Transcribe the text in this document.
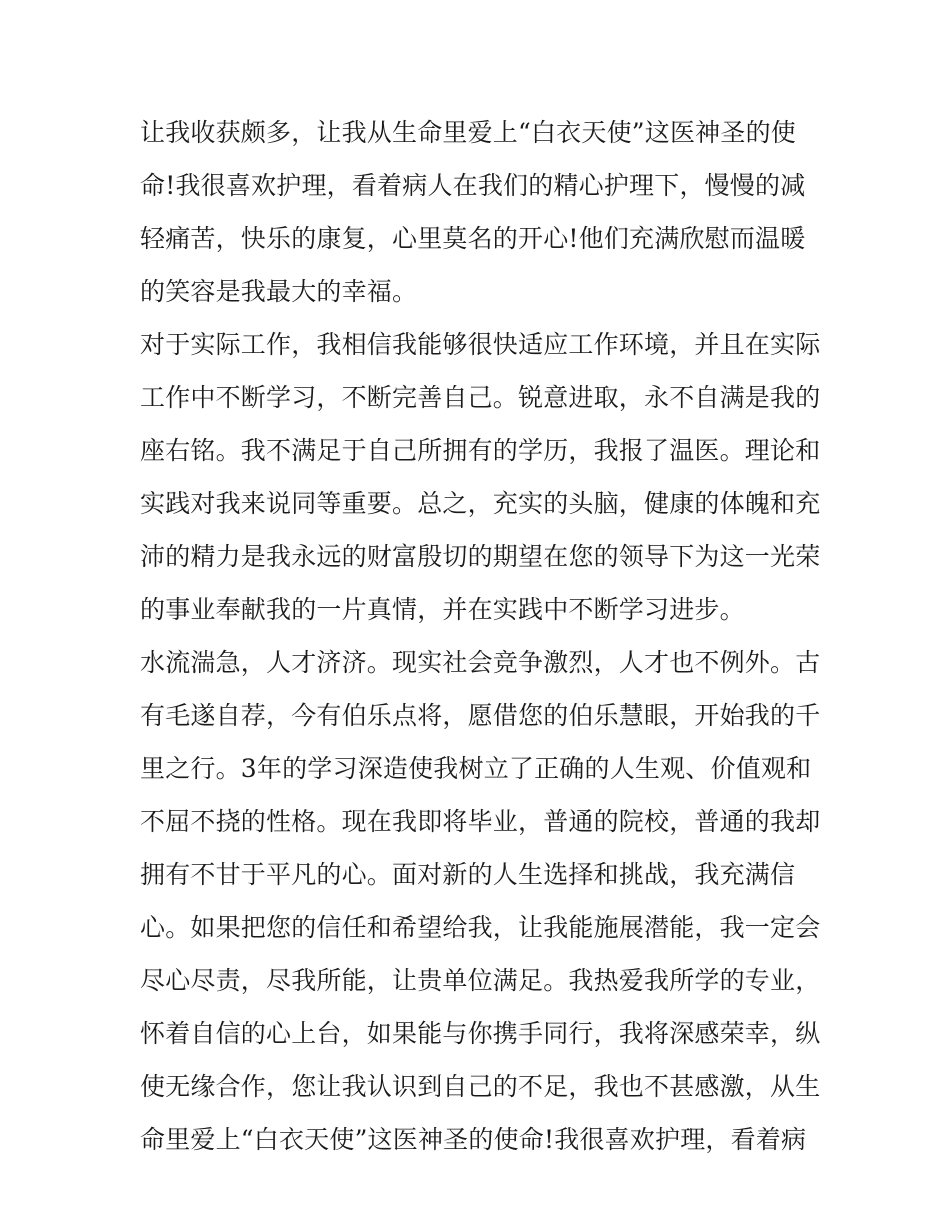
让我收获颇多，让我从生命里爱上“白衣天使”这医神圣的使
命!我很喜欢护理，看着病人在我们的精心护理下，慢慢的减
轻痛苦，快乐的康复，心里莫名的开心!他们充满欣慰而温暖
的笑容是我最大的幸福。
对于实际工作，我相信我能够很快适应工作环境，并且在实际
工作中不断学习，不断完善自己。锐意进取，永不自满是我的
座右铭。我不满足于自己所拥有的学历，我报了温医。理论和
实践对我来说同等重要。总之，充实的头脑，健康的体魄和充
沛的精力是我永远的财富殷切的期望在您的领导下为这一光荣
的事业奉献我的一片真情，并在实践中不断学习进步。
水流湍急，人才济济。现实社会竞争激烈，人才也不例外。古
有毛遂自荐，今有伯乐点将，愿借您的伯乐慧眼，开始我的千
里之行。3年的学习深造使我树立了正确的人生观、价值观和
不屈不挠的性格。现在我即将毕业，普通的院校，普通的我却
拥有不甘于平凡的心。面对新的人生选择和挑战，我充满信
心。如果把您的信任和希望给我，让我能施展潜能，我一定会
尽心尽责，尽我所能，让贵单位满足。我热爱我所学的专业，
怀着自信的心上台，如果能与你携手同行，我将深感荣幸，纵
使无缘合作，您让我认识到自己的不足，我也不甚感激，从生
命里爱上“白衣天使”这医神圣的使命!我很喜欢护理，看着病
